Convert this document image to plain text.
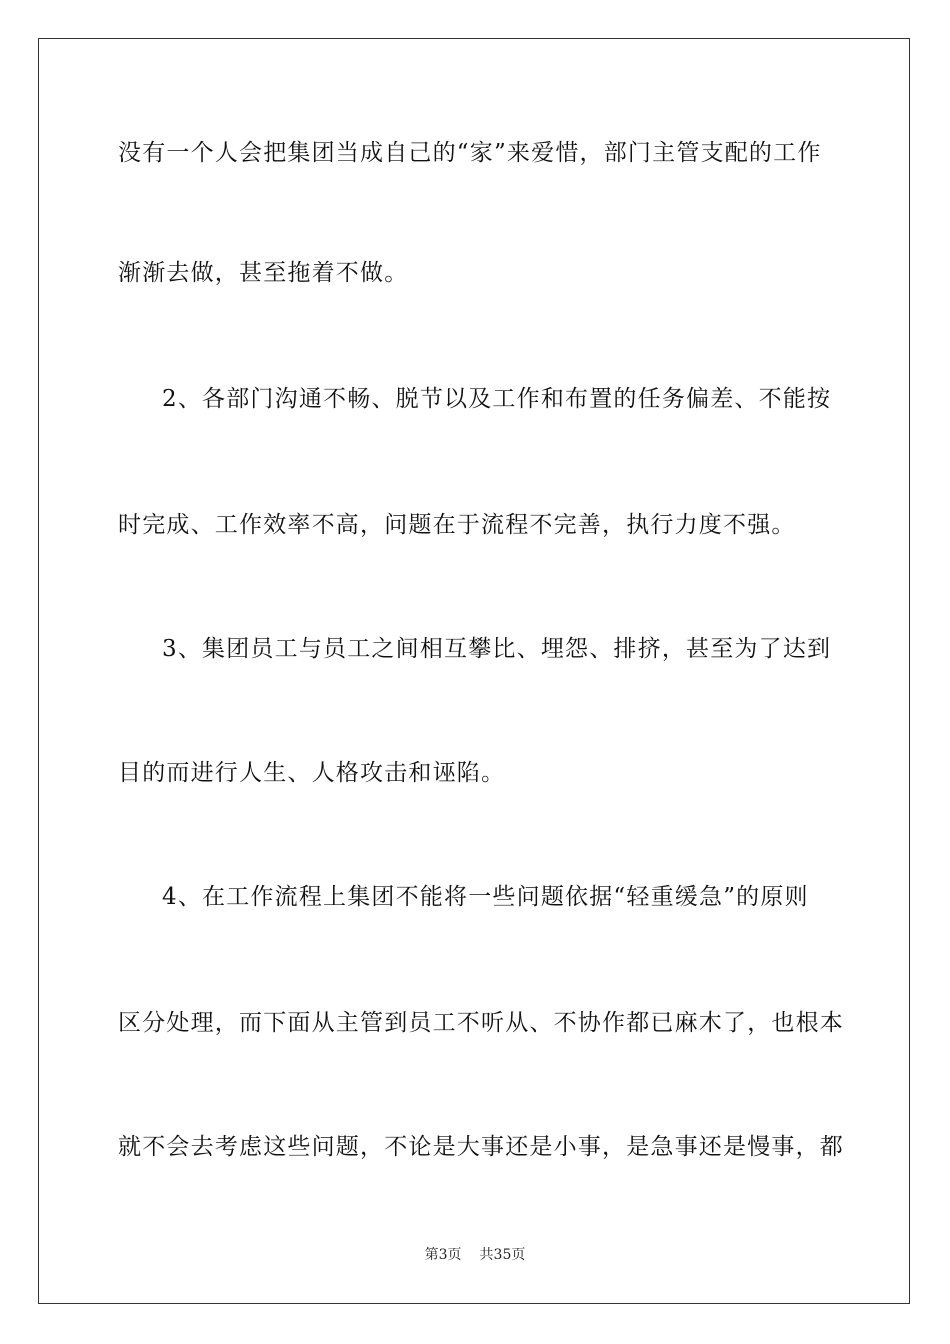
没有一个人会把集团当成自己的“家”来爱惜，部门主管支配的工作
渐渐去做，甚至拖着不做。
2、各部门沟通不畅、脱节以及工作和布置的任务偏差、不能按
时完成、工作效率不高，问题在于流程不完善，执行力度不强。
3、集团员工与员工之间相互攀比、埋怨、排挤，甚至为了达到
目的而进行人生、人格攻击和诬陷。
4、在工作流程上集团不能将一些问题依据“轻重缓急”的原则
区分处理，而下面从主管到员工不听从、不协作都已麻木了，也根本
就不会去考虑这些问题，不论是大事还是小事，是急事还是慢事，都
第3页 共35页
